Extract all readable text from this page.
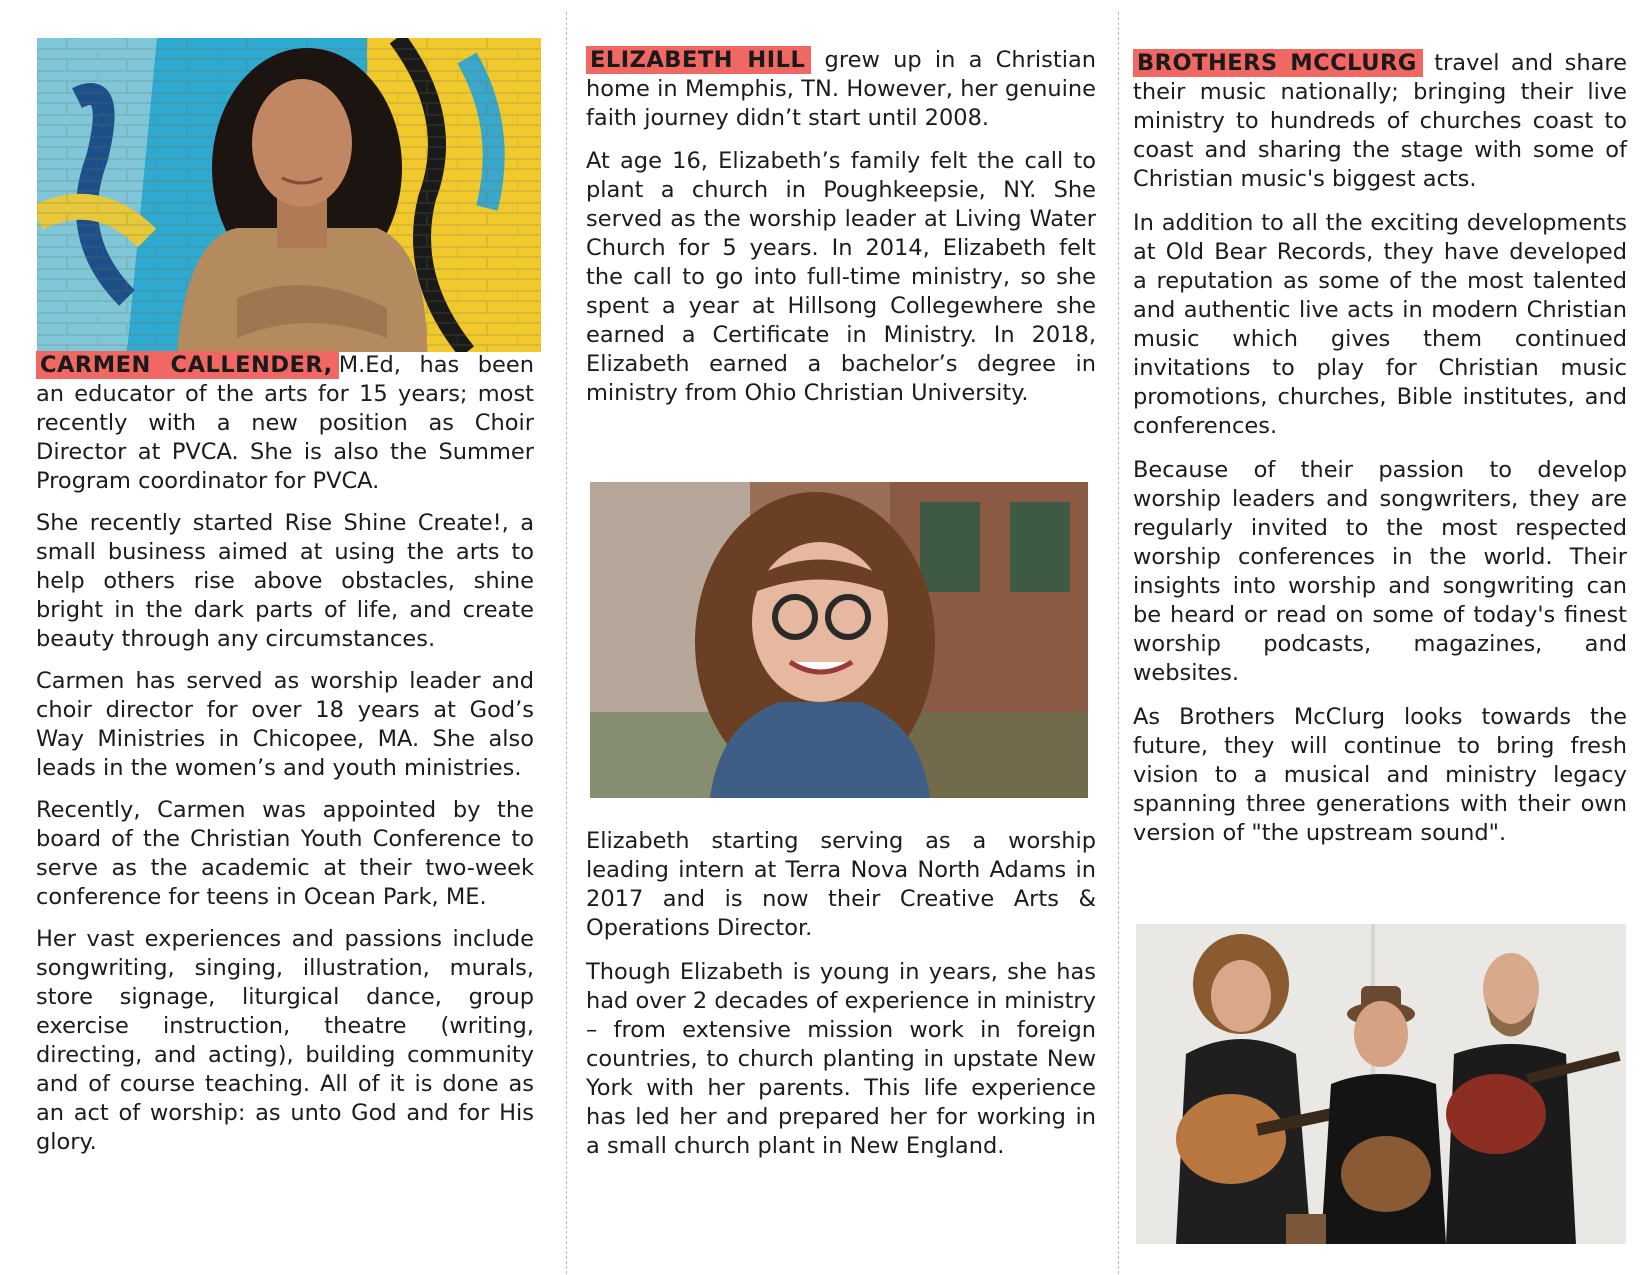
CARMEN CALLENDER, M.Ed, has been an educator of the arts for 15 years; most recently with a new position as Choir Director at PVCA. She is also the Summer Program coordinator for PVCA.

She recently started Rise Shine Create!, a small business aimed at using the arts to help others rise above obstacles, shine bright in the dark parts of life, and create beauty through any circumstances.

Carmen has served as worship leader and choir director for over 18 years at God’s Way Ministries in Chicopee, MA. She also leads in the women’s and youth ministries.

Recently, Carmen was appointed by the board of the Christian Youth Conference to serve as the academic at their two-week conference for teens in Ocean Park, ME.

Her vast experiences and passions include songwriting, singing, illustration, murals, store signage, liturgical dance, group exercise instruction, theatre (writing, directing, and acting), building community and of course teaching. All of it is done as an act of worship: as unto God and for His glory.

ELIZABETH HILL grew up in a Christian home in Memphis, TN. However, her genuine faith journey didn’t start until 2008.

At age 16, Elizabeth’s family felt the call to plant a church in Poughkeepsie, NY. She served as the worship leader at Living Water Church for 5 years. In 2014, Elizabeth felt the call to go into full-time ministry, so she spent a year at Hillsong Collegewhere she earned a Certificate in Ministry. In 2018, Elizabeth earned a bachelor’s degree in ministry from Ohio Christian University.

Elizabeth starting serving as a worship leading intern at Terra Nova North Adams in 2017 and is now their Creative Arts & Operations Director.

Though Elizabeth is young in years, she has had over 2 decades of experience in ministry – from extensive mission work in foreign countries, to church planting in upstate New York with her parents. This life experience has led her and prepared her for working in a small church plant in New England.

BROTHERS MCCLURG travel and share their music nationally; bringing their live ministry to hundreds of churches coast to coast and sharing the stage with some of Christian music's biggest acts.

In addition to all the exciting developments at Old Bear Records, they have developed a reputation as some of the most talented and authentic live acts in modern Christian music which gives them continued invitations to play for Christian music promotions, churches, Bible institutes, and conferences.

Because of their passion to develop worship leaders and songwriters, they are regularly invited to the most respected worship conferences in the world. Their insights into worship and songwriting can be heard or read on some of today's finest worship podcasts, magazines, and websites.

As Brothers McClurg looks towards the future, they will continue to bring fresh vision to a musical and ministry legacy spanning three generations with their own version of "the upstream sound".
